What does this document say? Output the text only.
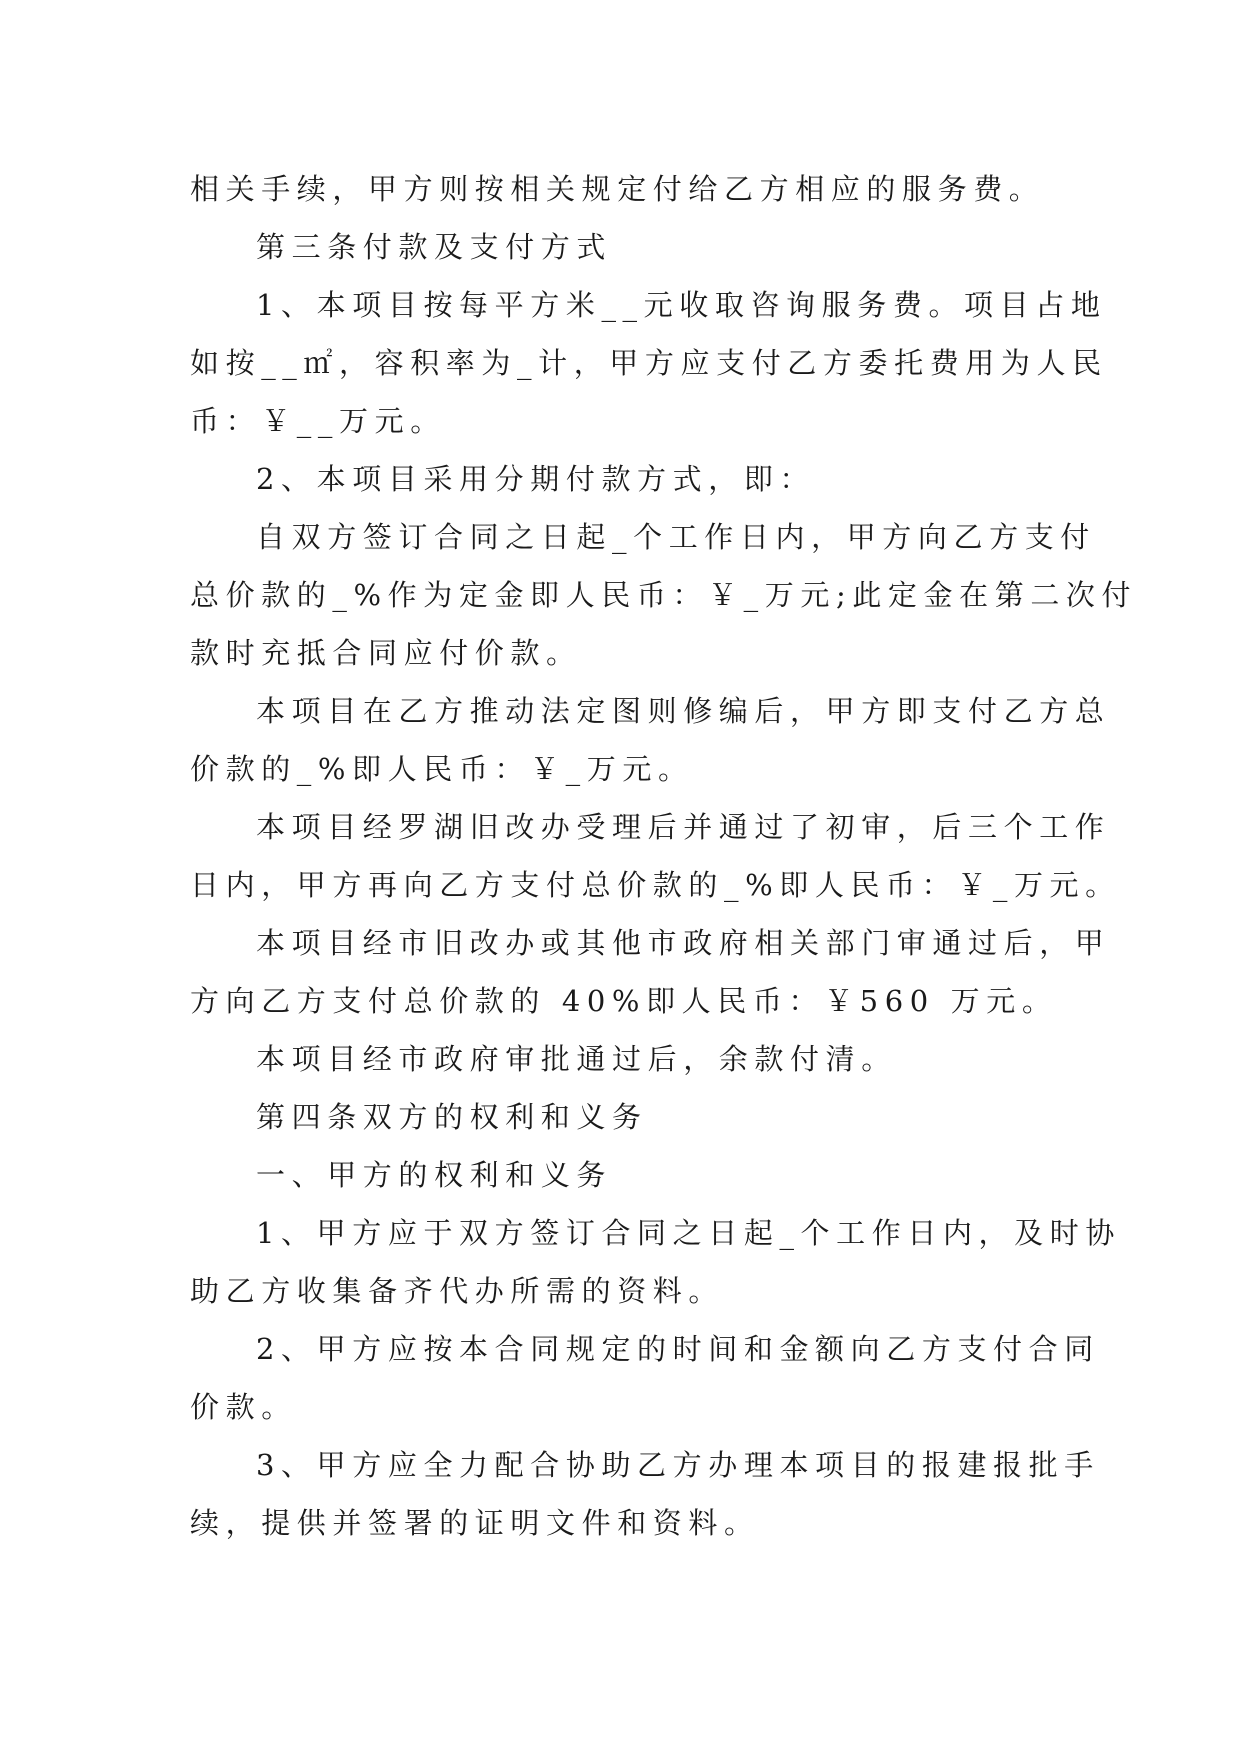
相关手续，甲方则按相关规定付给乙方相应的服务费。
第三条付款及支付方式
1、本项目按每平方米__元收取咨询服务费。项目占地
如按__㎡，容积率为_计，甲方应支付乙方委托费用为人民
币：￥__万元。
2、本项目采用分期付款方式，即：
自双方签订合同之日起_个工作日内，甲方向乙方支付
总价款的_%作为定金即人民币：￥_万元;此定金在第二次付
款时充抵合同应付价款。
本项目在乙方推动法定图则修编后，甲方即支付乙方总
价款的_%即人民币：￥_万元。
本项目经罗湖旧改办受理后并通过了初审，后三个工作
日内，甲方再向乙方支付总价款的_%即人民币：￥_万元。
本项目经市旧改办或其他市政府相关部门审通过后，甲
方向乙方支付总价款的 40%即人民币：￥560 万元。
本项目经市政府审批通过后，余款付清。
第四条双方的权利和义务
一、甲方的权利和义务
1、甲方应于双方签订合同之日起_个工作日内，及时协
助乙方收集备齐代办所需的资料。
2、甲方应按本合同规定的时间和金额向乙方支付合同
价款。
3、甲方应全力配合协助乙方办理本项目的报建报批手
续，提供并签署的证明文件和资料。
